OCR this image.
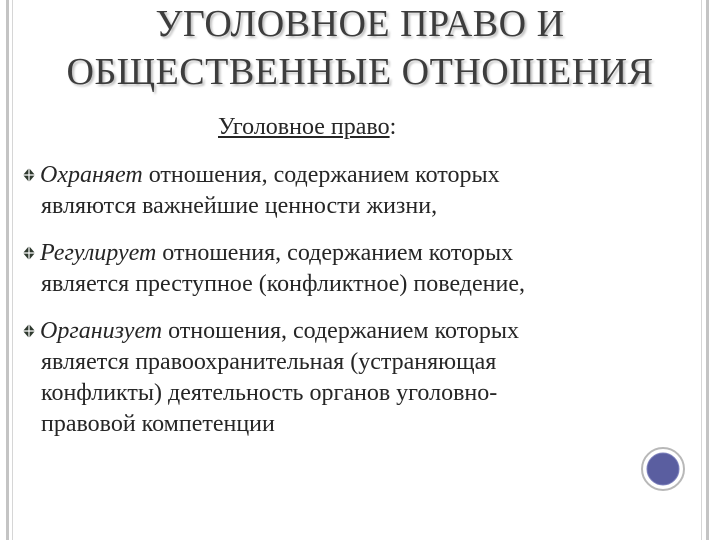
УГОЛОВНОЕ ПРАВО И
ОБЩЕСТВЕННЫЕ ОТНОШЕНИЯ
Уголовное право:
Охраняет отношения, содержанием которых
являются важнейшие ценности жизни,
Регулирует отношения, содержанием которых
является преступное (конфликтное) поведение,
Организует отношения, содержанием которых
является правоохранительная (устраняющая
конфликты) деятельность органов уголовно-
правовой компетенции
